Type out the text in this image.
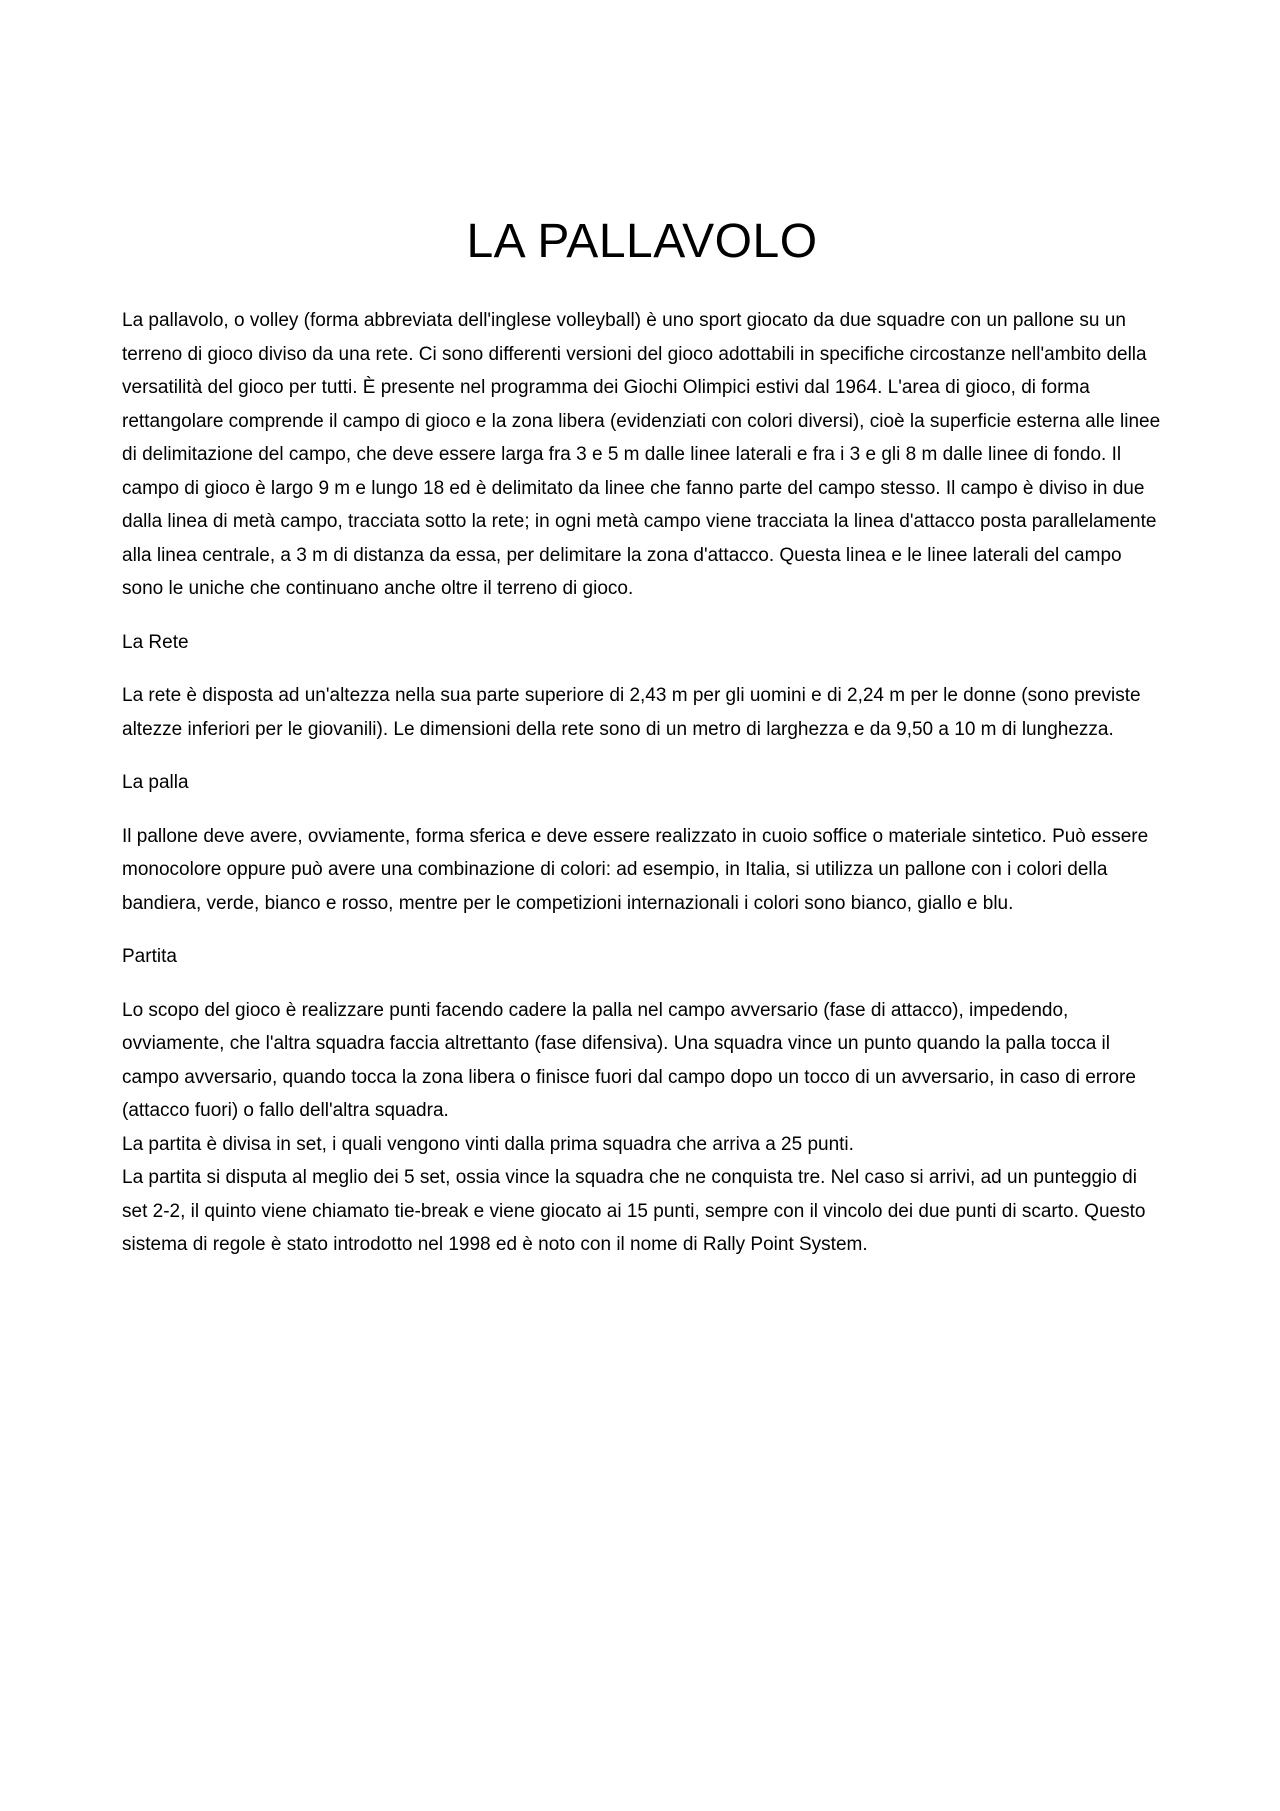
LA PALLAVOLO

La pallavolo, o volley (forma abbreviata dell'inglese volleyball) è uno sport giocato da due squadre con un pallone su un terreno di gioco diviso da una rete. Ci sono differenti versioni del gioco adottabili in specifiche circostanze nell'ambito della versatilità del gioco per tutti. È presente nel programma dei Giochi Olimpici estivi dal 1964. L'area di gioco, di forma rettangolare comprende il campo di gioco e la zona libera (evidenziati con colori diversi), cioè la superficie esterna alle linee di delimitazione del campo, che deve essere larga fra 3 e 5 m dalle linee laterali e fra i 3 e gli 8 m dalle linee di fondo. Il campo di gioco è largo 9 m e lungo 18 ed è delimitato da linee che fanno parte del campo stesso. Il campo è diviso in due dalla linea di metà campo, tracciata sotto la rete; in ogni metà campo viene tracciata la linea d'attacco posta parallelamente alla linea centrale, a 3 m di distanza da essa, per delimitare la zona d'attacco. Questa linea e le linee laterali del campo sono le uniche che continuano anche oltre il terreno di gioco.

La Rete

La rete è disposta ad un'altezza nella sua parte superiore di 2,43 m per gli uomini e di 2,24 m per le donne (sono previste altezze inferiori per le giovanili). Le dimensioni della rete sono di un metro di larghezza e da 9,50 a 10 m di lunghezza.

La palla

Il pallone deve avere, ovviamente, forma sferica e deve essere realizzato in cuoio soffice o materiale sintetico. Può essere monocolore oppure può avere una combinazione di colori: ad esempio, in Italia, si utilizza un pallone con i colori della bandiera, verde, bianco e rosso, mentre per le competizioni internazionali i colori sono bianco, giallo e blu.

Partita

Lo scopo del gioco è realizzare punti facendo cadere la palla nel campo avversario (fase di attacco), impedendo, ovviamente, che l'altra squadra faccia altrettanto (fase difensiva). Una squadra vince un punto quando la palla tocca il campo avversario, quando tocca la zona libera o finisce fuori dal campo dopo un tocco di un avversario, in caso di errore (attacco fuori) o fallo dell'altra squadra.
La partita è divisa in set, i quali vengono vinti dalla prima squadra che arriva a 25 punti.
La partita si disputa al meglio dei 5 set, ossia vince la squadra che ne conquista tre. Nel caso si arrivi, ad un punteggio di set 2-2, il quinto viene chiamato tie-break e viene giocato ai 15 punti, sempre con il vincolo dei due punti di scarto. Questo sistema di regole è stato introdotto nel 1998 ed è noto con il nome di Rally Point System.
